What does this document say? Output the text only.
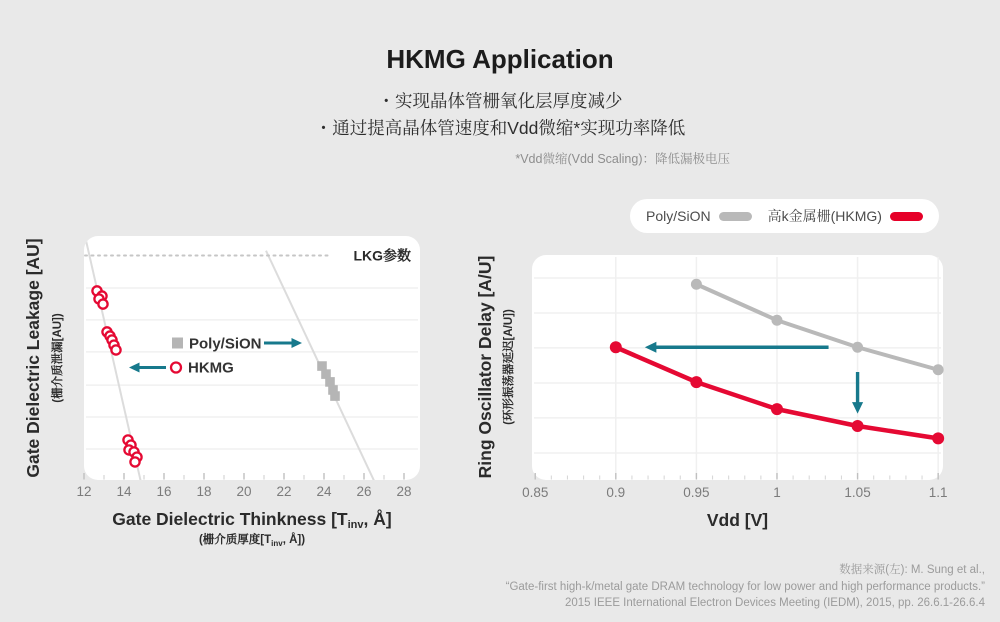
HKMG Application
・实现晶体管栅氧化层厚度减少
・通过提高晶体管速度和Vdd微缩*实现功率降低
*Vdd微缩(Vdd Scaling)：降低漏极电压
Poly/SiON	高k金属栅(HKMG)
LKG参数
Poly/SiON
HKMG
12 14 16 18 20 22 24 26 28
Gate Dielectric Thinkness [Tinv, Å]
(栅介质厚度[$T_{inv}$, Å])
Gate Dielectric Leakage [AU] (栅介质泄漏[AU])
0.85	0.9	0.95	1	1.05	1.1
Vdd [V]
Ring Oscillator Delay [A/U] (环形振荡器延迟[A/U])
数据来源(左): M. Sung et al.,
“Gate-first high-k/metal gate DRAM technology for low power and high performance products.”
2015 IEEE International Electron Devices Meeting (IEDM), 2015, pp. 26.6.1-26.6.4
